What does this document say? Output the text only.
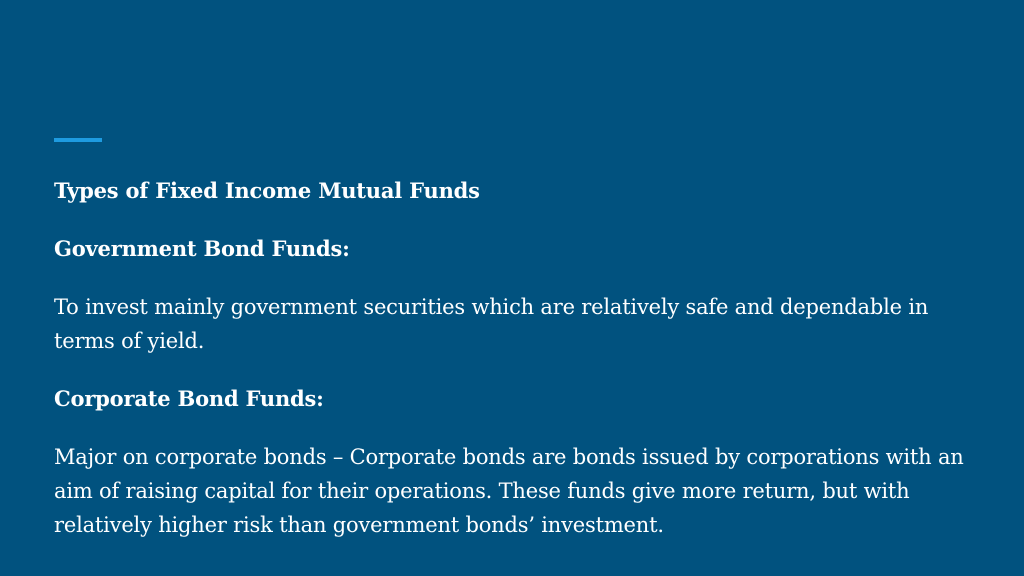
Types of Fixed Income Mutual Funds
Government Bond Funds:
To invest mainly government securities which are relatively safe and dependable in terms of yield.
Corporate Bond Funds:
Major on corporate bonds – Corporate bonds are bonds issued by corporations with an aim of raising capital for their operations. These funds give more return, but with relatively higher risk than government bonds’ investment.
